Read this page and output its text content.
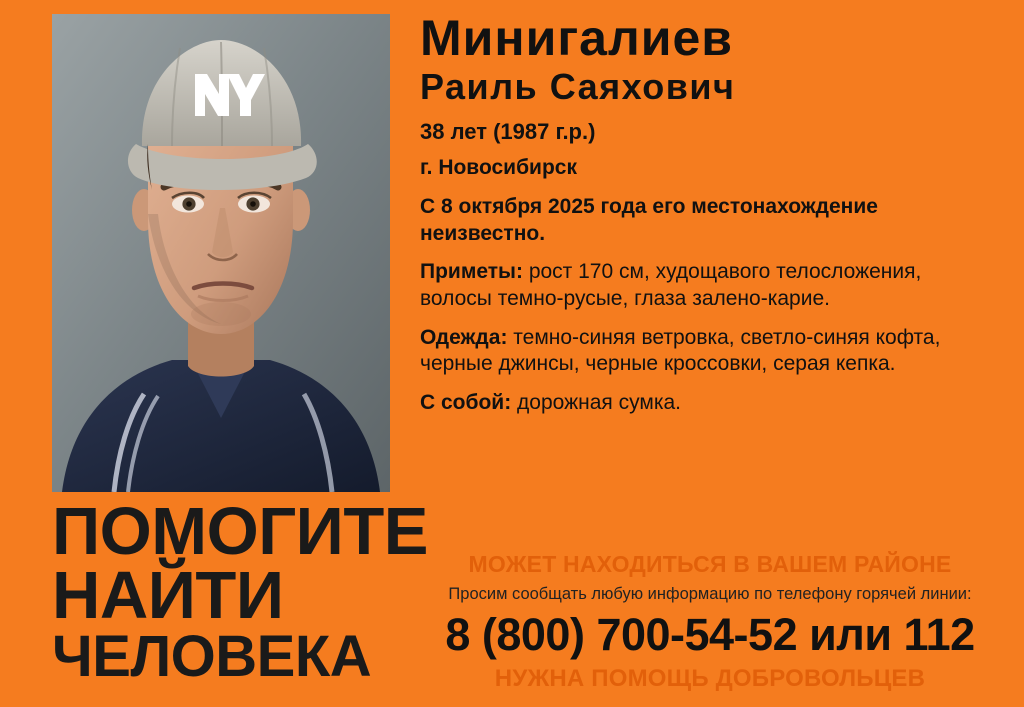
ПОМОГИТЕ
НАЙТИ
ЧЕЛОВЕКА
Минигалиев
Раиль Саяхович
38 лет (1987 г.р.)
г. Новосибирск
С 8 октября 2025 года его местонахождение неизвестно.
Приметы: рост 170 см, худощавого телосложения, волосы темно-русые, глаза залено-карие.
Одежда: темно-синяя ветровка, светло-синяя кофта, черные джинсы, черные кроссовки, серая кепка.
С собой: дорожная сумка.
МОЖЕТ НАХОДИТЬСЯ В ВАШЕМ РАЙОНЕ
Просим сообщать любую информацию по телефону горячей линии:
8 (800) 700-54-52 или 112
НУЖНА ПОМОЩЬ ДОБРОВОЛЬЦЕВ
